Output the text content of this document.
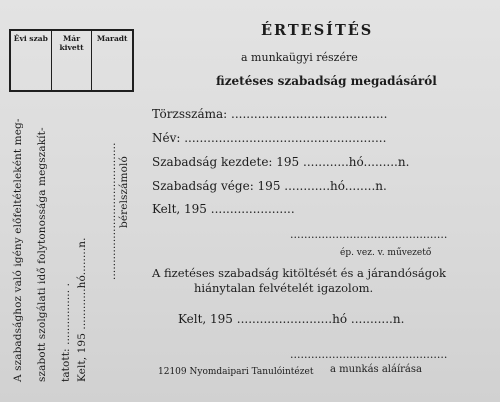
Évi szab	Már kivett
Maradt
A szabadsághoz való igény előfeltételeként meg- szabott szolgálati idő folytonossága megszakít- tatott: ................ . Kelt, 195 ............hó........n.
........................................ bérelszámoló
ÉRTESÍTÉS
a munkaügyi részére
fizetéses szabadság megadásáról
Törzsszáma: .........................................
Név: .....................................................
Szabadság kezdete: 195 ............hó.........n.
Szabadság vége: 195 ............hó........n.
Kelt, 195 ......................
.............................................
ép. vez. v. művezető
A fizetéses szabadság kitöltését és a járandóságok
hiánytalan felvételét igazolom.
Kelt, 195 .........................hó ...........n.
.............................................
12109 Nyomdaipari Tanulóintézet a munkás aláírása
